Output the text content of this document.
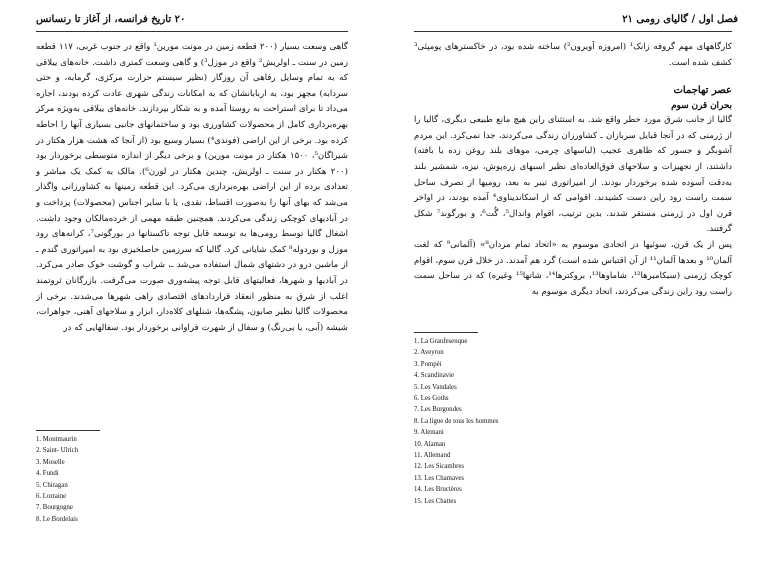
۲۰ تاریخ فرانسه، از آغاز تا رنسانس

گاهی وسعت بسیار (۲۰۰ قطعه زمین در مونت مورین¹ واقع در جنوب غربی، ۱۱۷ قطعه زمین در سنت ـ اولریش² واقع در موزل³) و گاهی وسعت کمتری داشت. خانه‌های ییلاقی که به تمام وسایل رفاهی آن روزگار (نظیر سیستم حرارت مرکزی، گرمابه، و حتی سردابه) مجهز بود، به اربابانشان که به امکانات زندگی شهری عادت کرده بودند، اجازه می‌داد تا برای استراحت به روستا آمده و به شکار بپردازند. خانه‌های ییلاقی به‌ویژه مرکز بهره‌برداری کامل از محصولات کشاورزی بود و ساختمانهای جانبی بسیاری آنها را احاطه کرده بود. برخی از این اراضی (فوندی⁴) بسیار وسیع بود (از آنجا که هشت هزار هکتار در شیراگان⁵، ۱۵۰۰ هکتار در مونت مورین) و برخی دیگر از اندازه متوسطی برخوردار بود (۲۰۰ هکتار در سنت ـ اولریش، چندین هکتار در لورن⁶). مالک به کمک یک مباشر و تعدادی برده از این اراضی بهره‌برداری می‌کرد. این قطعه زمینها به کشاورزانی واگذار می‌شد که بهای آنها را به‌صورت اقساط، نقدی، یا با سایر اجناس (محصولات) پرداخت و در آبادیهای کوچکی زندگی می‌کردند. همچنین طبقه مهمی از خرده‌مالکان وجود داشت. اشغال گالیا توسط رومی‌ها به توسعه قابل توجه تاکستانها در بورگونی⁷، کرانه‌های رود موزل و بوردوله⁸ کمک شایانی کرد. گالیا که سرزمین حاصلخیزی بود به امپراتوری گندم ـ از ماشین درو در دشتهای شمال استفاده می‌شد ـ، شراب و گوشت خوک صادر می‌کرد. در آبادیها و شهرها، فعالیتهای قابل توجه پیشه‌وری صورت می‌گرفت. بازرگانان ثروتمند اغلب از شرق به منظور انعقاد قراردادهای اقتصادی راهی شهرها می‌شدند. برخی از محصولات گالیا نظیر صابون، پشگه‌ها، شنلهای کلاه‌دار، ابزار و سلاحهای آهنی، جواهرات، شیشه (آبی، یا بی‌رنگ) و سفال از شهرت فراوانی برخوردار بود. سفالهایی که در

1. Montmaurin
2. Saint- Ulrich
3. Moselle
4. Fundi
5. Chiragan
6. Lorraine
7. Bourgogne
8. Le Bordelais
فصل اول / گالیای رومی ۲۱

کارگاههای مهم گروفه زانک¹ (امروزه آویرون²) ساخته شده بود، در خاکسترهای پومپئی³ کشف شده است.

عصر تهاجمات
بحران قرن سوم

گالیا از جانب شرق مورد خطر واقع شد. به استثنای راین هیچ مانع طبیعی دیگری، گالیا را از ژرمنی که در آنجا قبایل سربازان ـ کشاورزان زندگی می‌کردند، جدا نمی‌کرد. این مردم آشوبگر و جسور که ظاهری عجیب (لباسهای چرمی، موهای بلند روغن زده یا بافته) داشتند، از تجهیزات و سلاحهای فوق‌العاده‌ای نظیر اسبهای زره‌پوش، نیزه، شمشیر بلند به‌دقت آسوده شده برخوردار بودند. از امپراتوری تیبر به بعد، رومیها از تصرف ساحل سمت راست رود راین دست کشیدند. اقوامی که از اسکاندیناوی⁴ آمده بودند، در اواخر قرن اول در ژرمنی مستقر شدند. بدین ترتیب، اقوام واندال⁵، گُت⁶، و بورگوند⁷ شکل گرفتند.

پس از یک قرن، سوئیها در اتحادی موسوم به «اتحاد تمام مردان⁸» (آلمانی⁹ که لغت آلمان¹⁰ و بعدها آلمان¹¹ از آن اقتباس شده است) گرد هم آمدند. در خلال قرن سوم، اقوام کوچک ژرمنی (سیکامبرها¹²، شاماوها¹³، بروکترها¹⁴، شاتها¹⁵ وغیره) که در ساحل سمت راست رود راین زندگی می‌کردند، اتحاد دیگری موسوم به

1. La Graufesenque
2. Aveyron
3. Pompéi
4. Scandinavie
5. Les Vandales
6. Les Goths
7. Les Burgondes
8. La ligue de tous les hommes
9. Alemani
10. Alaman
11. Allemand
12. Les Sicambres
13. Les Chamaves
14. Les Bructères
15. Les Chattes
